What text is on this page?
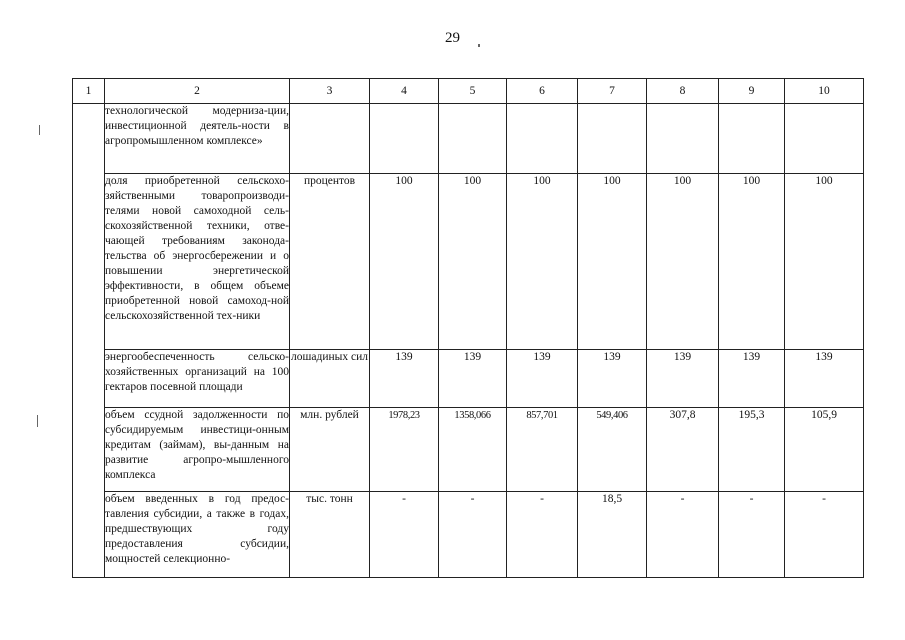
29
1	2	3	4	5	6	7	8	9	10
	технологической модерниза-ции, инвестиционной деятель-ности в агропромышленном комплексе»								
	доля приобретенной сельскохо-зяйственными товаропроизводи-телями новой самоходной сель-скохозяйственной техники, отве-чающей требованиям законода-тельства об энергосбережении и о повышении энергетической эффективности, в общем объеме приобретенной новой самоход-ной сельскохозяйственной тех-ники	процентов	100	100	100	100	100	100	100
	энергообеспеченность сельско-хозяйственных организаций на 100 гектаров посевной площади	лошадиных сил	139	139	139	139	139	139	139
	объем ссудной задолженности по субсидируемым инвестици-онным кредитам (займам), вы-данным на развитие агропро-мышленного комплекса	млн. рублей	1978,23	1358,066	857,701	549,406	307,8	195,3	105,9
	объем введенных в год предос-тавления субсидии, а также в годах, предшествующих году предоставления субсидии, мощностей селекционно-	тыс. тонн	-	-	-	18,5	-	-	-
